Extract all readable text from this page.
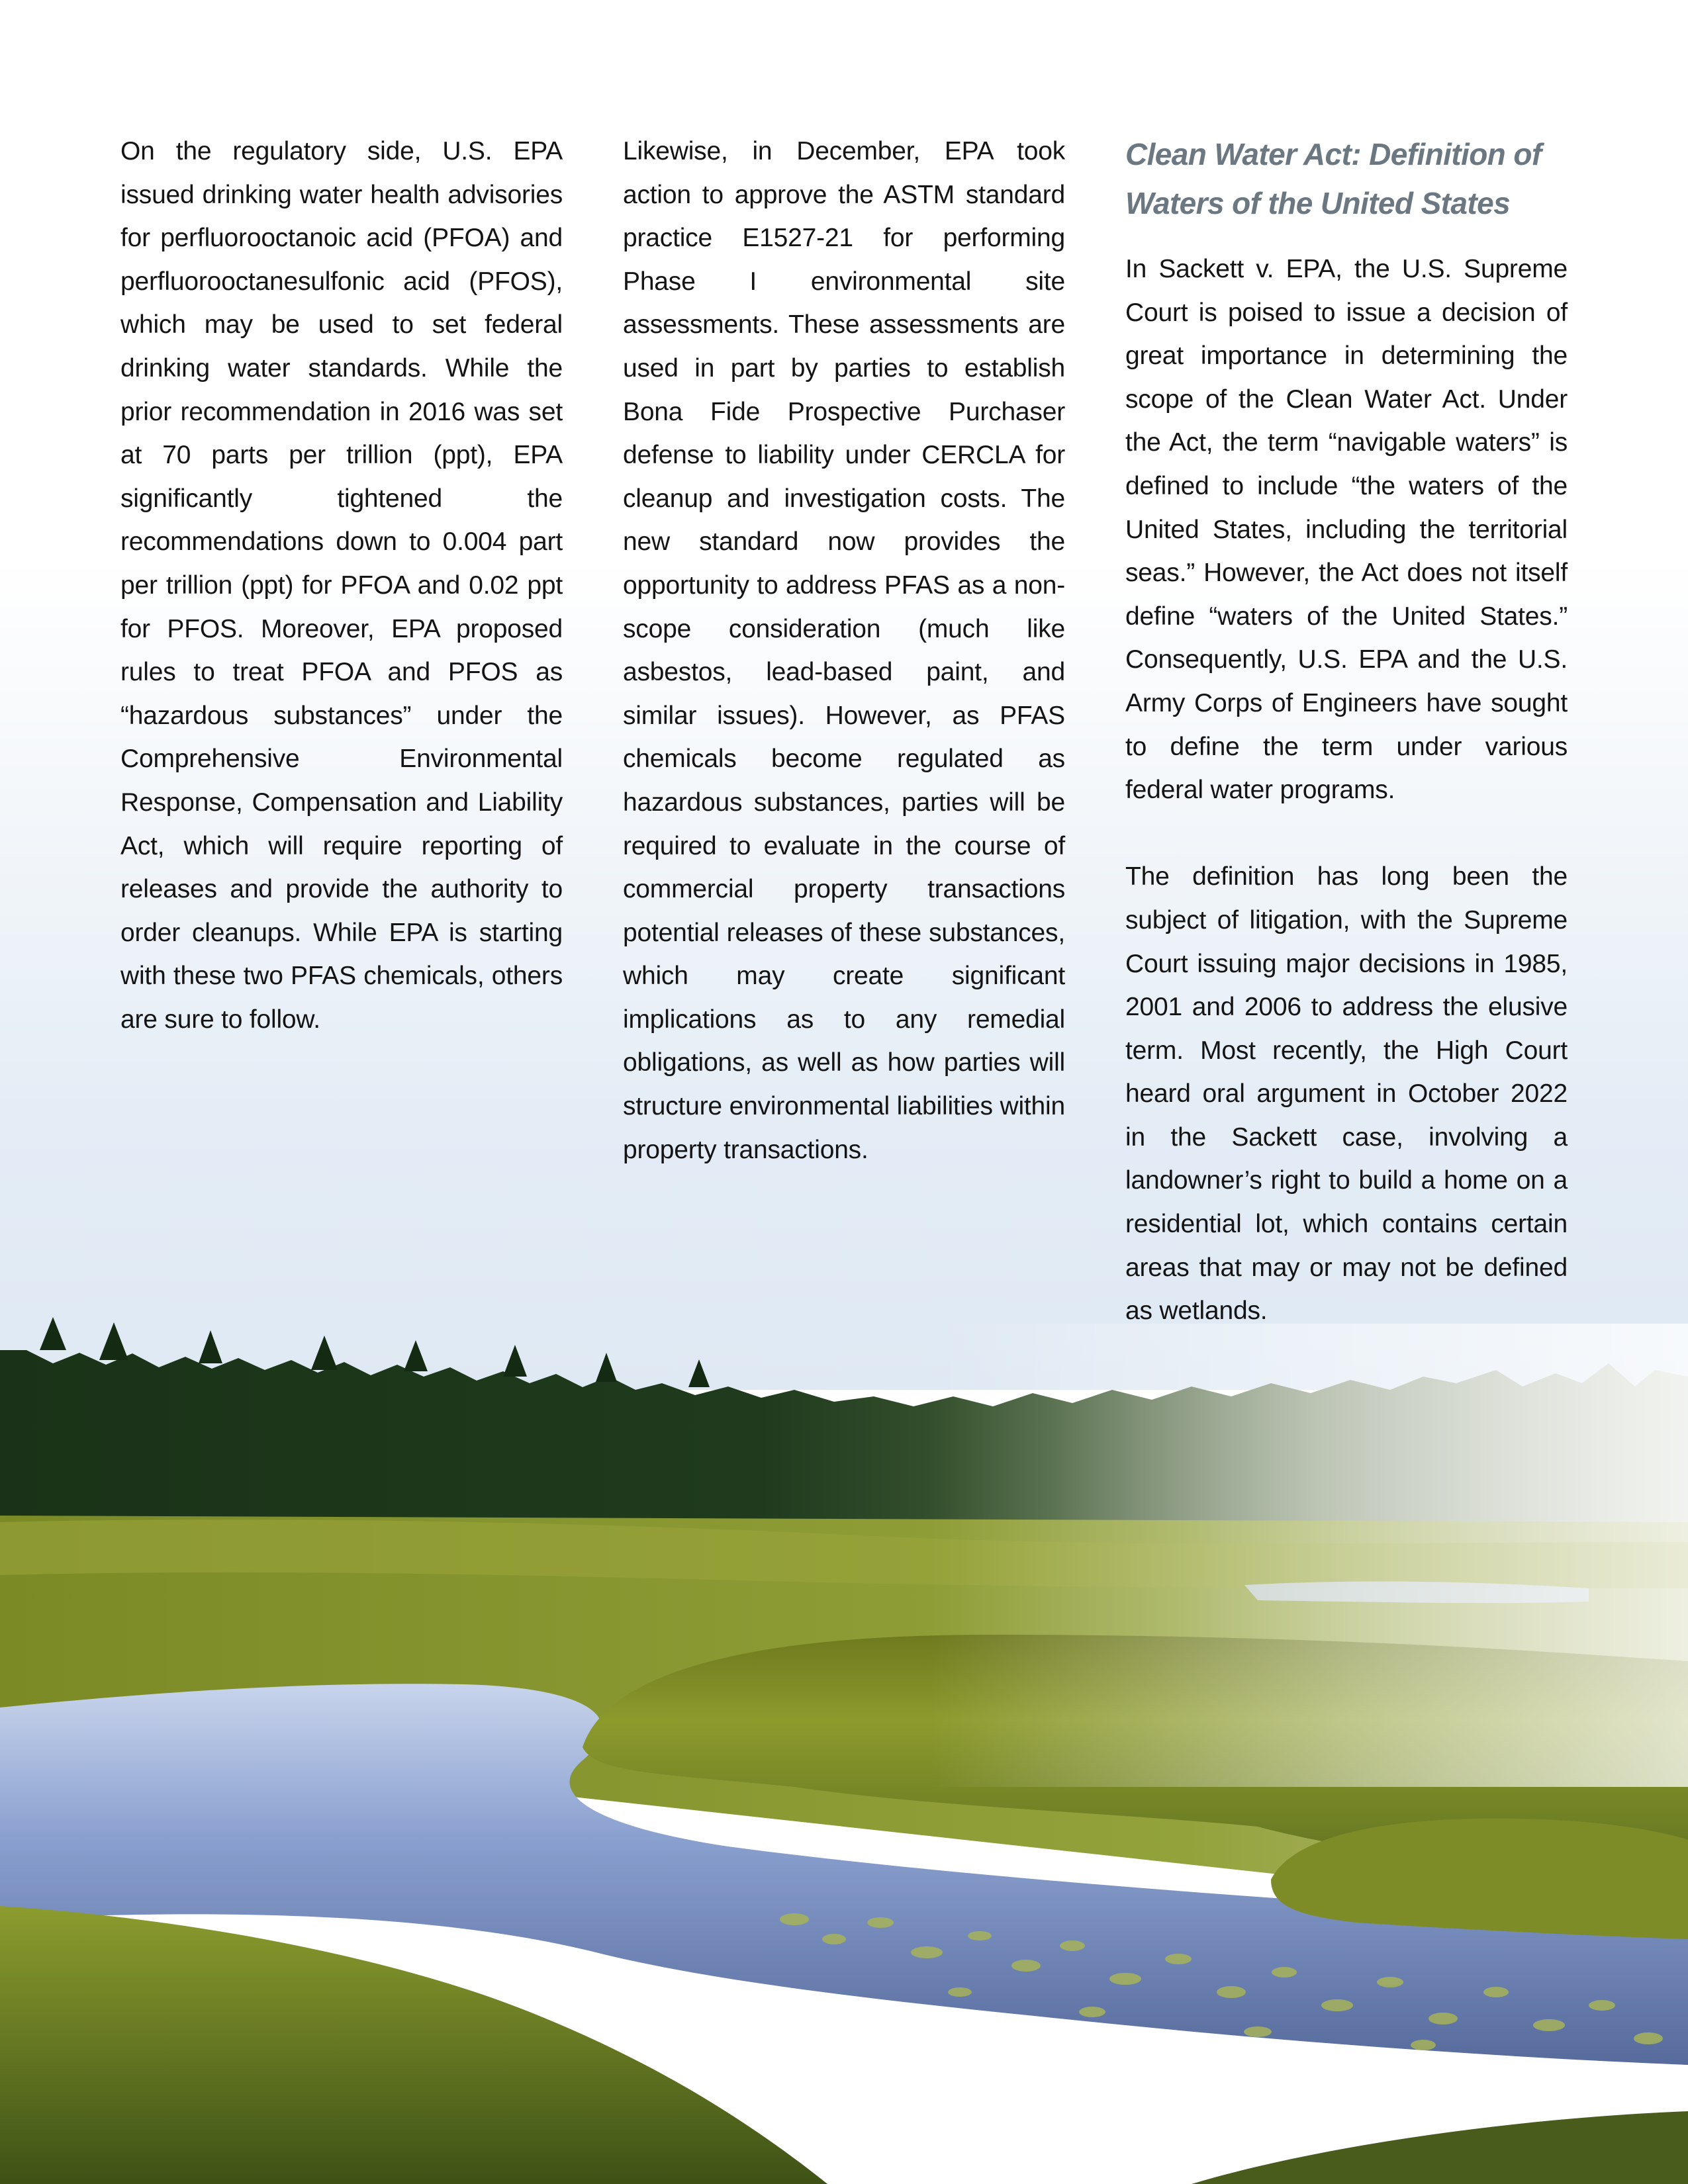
On the regulatory side, U.S. EPA issued drinking water health advisories for perfluorooctanoic acid (PFOA) and perfluorooctanesulfonic acid (PFOS), which may be used to set federal drinking water standards. While the prior recommendation in 2016 was set at 70 parts per trillion (ppt), EPA significantly tightened the recommendations down to 0.004 part per trillion (ppt) for PFOA and 0.02 ppt for PFOS. Moreover, EPA proposed rules to treat PFOA and PFOS as “hazardous substances” under the Comprehensive Environmental Response, Compensation and Liability Act, which will require reporting of releases and provide the authority to order cleanups. While EPA is starting with these two PFAS chemicals, others are sure to follow.

Likewise, in December, EPA took action to approve the ASTM standard practice E1527-21 for performing Phase I environmental site assessments. These assessments are used in part by parties to establish Bona Fide Prospective Purchaser defense to liability under CERCLA for cleanup and investigation costs. The new standard now provides the opportunity to address PFAS as a non-scope consideration (much like asbestos, lead-based paint, and similar issues). However, as PFAS chemicals become regulated as hazardous substances, parties will be required to evaluate in the course of commercial property transactions potential releases of these substances, which may create significant implications as to any remedial obligations, as well as how parties will structure environmental liabilities within property transactions.

Clean Water Act: Definition of Waters of the United States

In Sackett v. EPA, the U.S. Supreme Court is poised to issue a decision of great importance in determining the scope of the Clean Water Act. Under the Act, the term “navigable waters” is defined to include “the waters of the United States, including the territorial seas.” However, the Act does not itself define “waters of the United States.” Consequently, U.S. EPA and the U.S. Army Corps of Engineers have sought to define the term under various federal water programs.

The definition has long been the subject of litigation, with the Supreme Court issuing major decisions in 1985, 2001 and 2006 to address the elusive term. Most recently, the High Court heard oral argument in October 2022 in the Sackett case, involving a landowner’s right to build a home on a residential lot, which contains certain areas that may or may not be defined as wetlands.
